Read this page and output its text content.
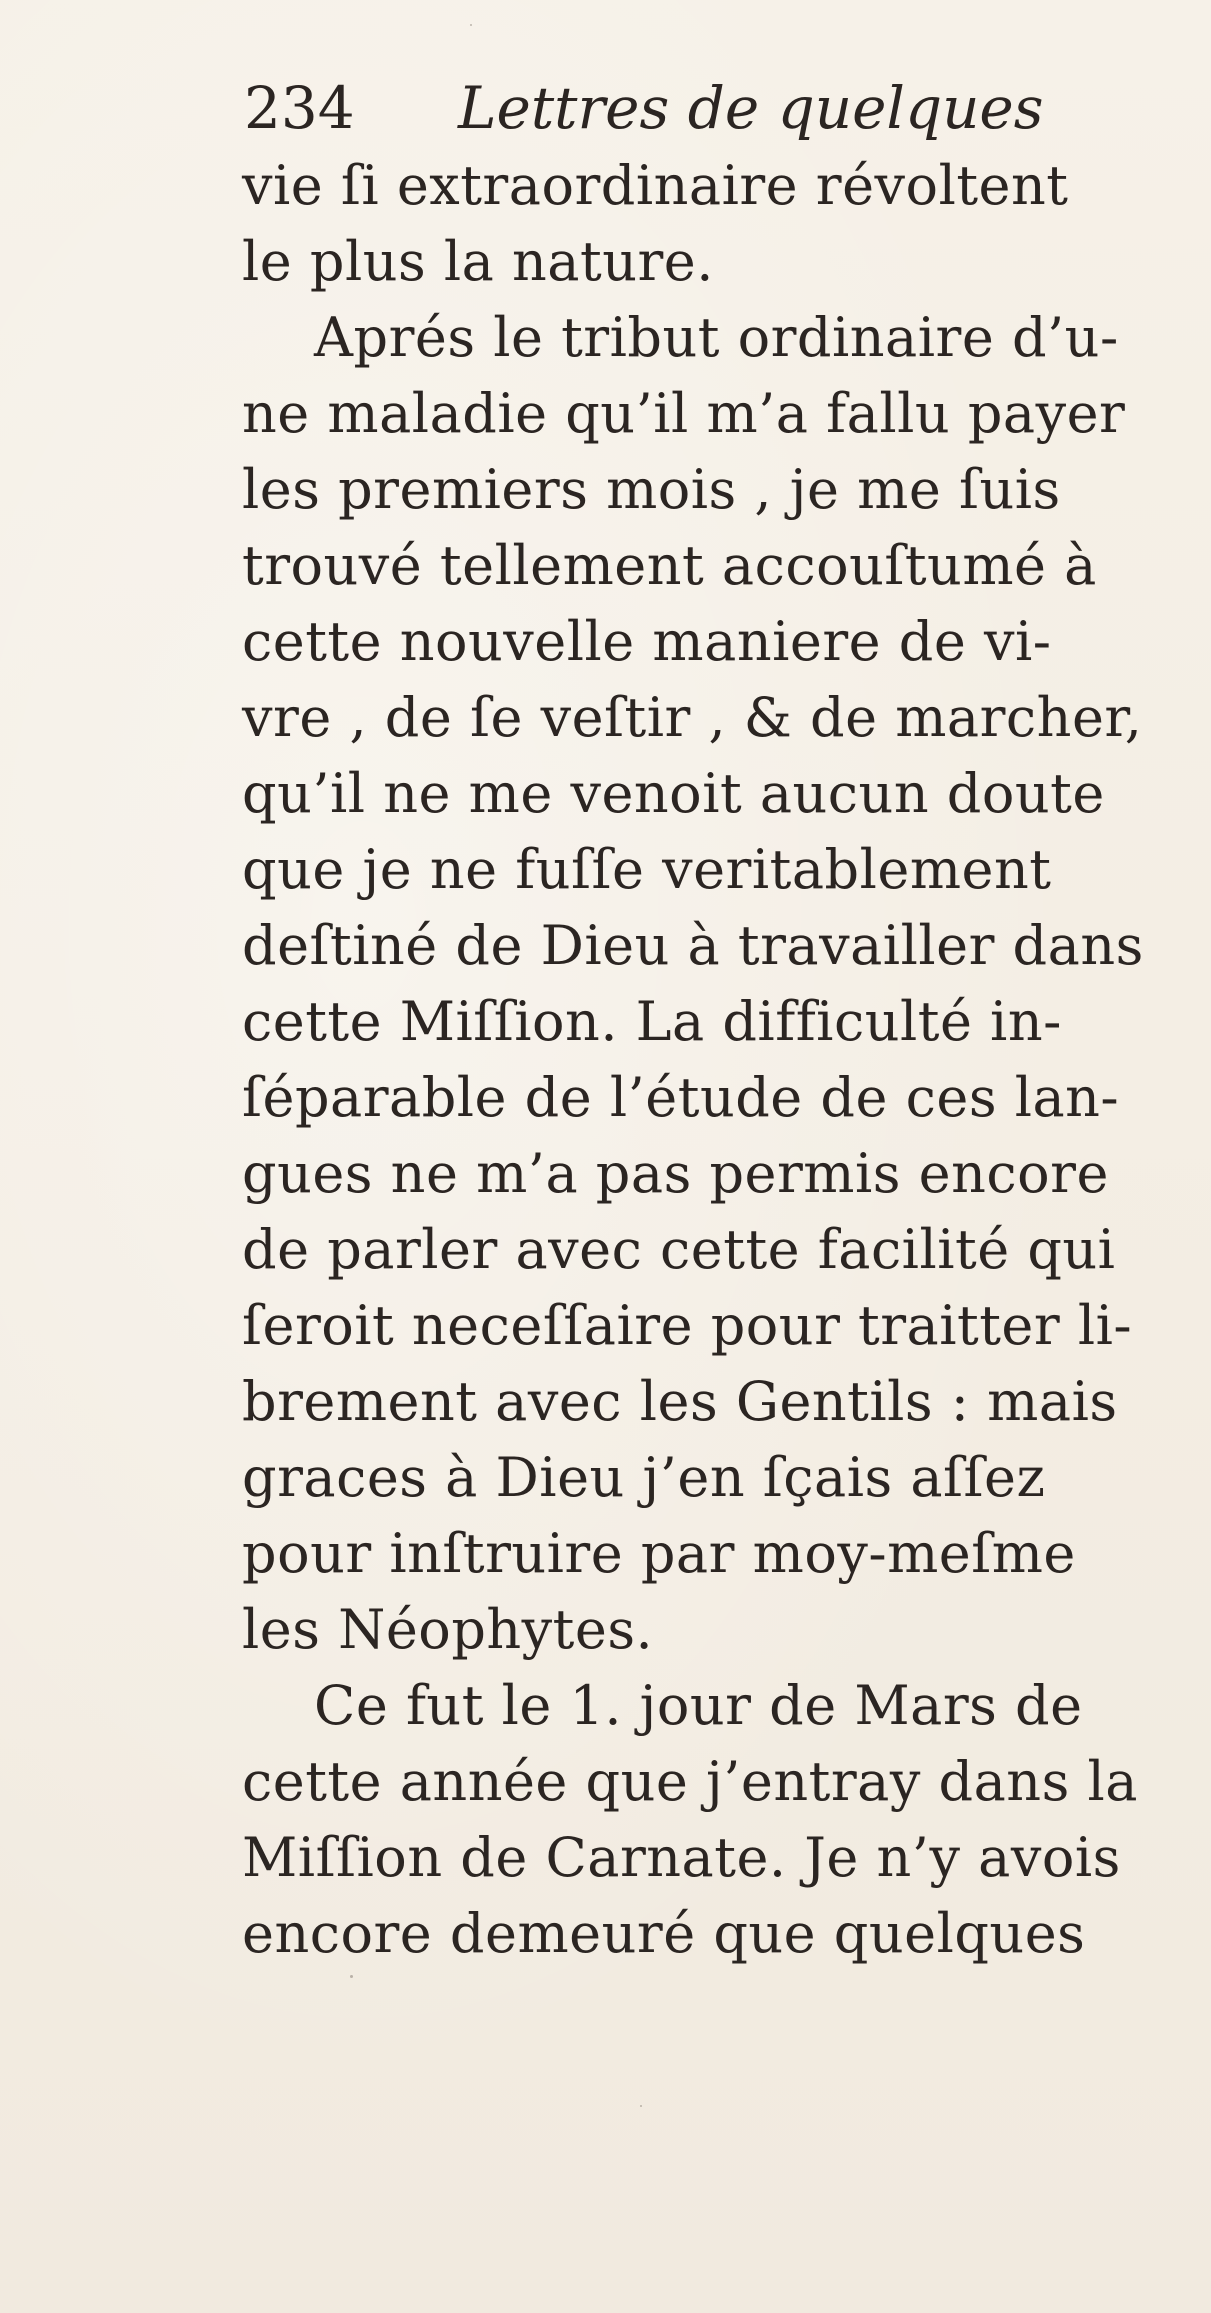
234 Lettres de quelques
vie ſi extraordinaire révoltent
le plus la nature.
Aprés le tribut ordinaire d’u-
ne maladie qu’il m’a fallu payer
les premiers mois , je me ſuis
trouvé tellement accouſtumé à
cette nouvelle maniere de vi-
vre , de ſe veſtir , & de marcher,
qu’il ne me venoit aucun doute
que je ne fuſſe veritablement
deſtiné de Dieu à travailler dans
cette Miſſion. La difficulté in-
ſéparable de l’étude de ces lan-
gues ne m’a pas permis encore
de parler avec cette facilité qui
ſeroit neceſſaire pour traitter li-
brement avec les Gentils : mais
graces à Dieu j’en ſçais aſſez
pour inſtruire par moy-meſme
les Néophytes.
Ce fut le 1. jour de Mars de
cette année que j’entray dans la
Miſſion de Carnate. Je n’y avois
encore demeuré que quelques
